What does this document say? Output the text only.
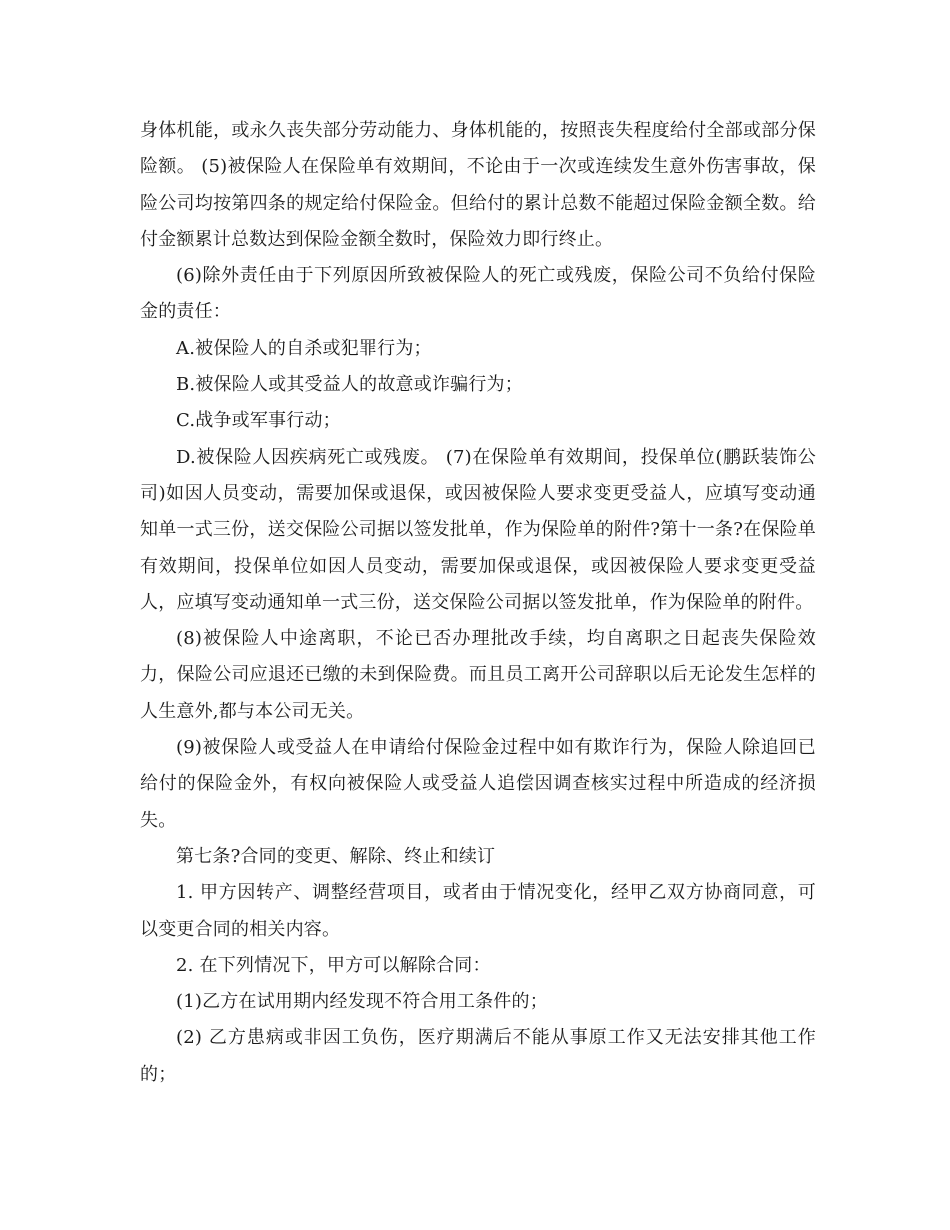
身体机能，或永久丧失部分劳动能力、身体机能的，按照丧失程度给付全部或部分保险额。 (5)被保险人在保险单有效期间，不论由于一次或连续发生意外伤害事故，保险公司均按第四条的规定给付保险金。但给付的累计总数不能超过保险金额全数。给付金额累计总数达到保险金额全数时，保险效力即行终止。

(6)除外责任由于下列原因所致被保险人的死亡或残废，保险公司不负给付保险金的责任：

A.被保险人的自杀或犯罪行为；

B.被保险人或其受益人的故意或诈骗行为；

C.战争或军事行动；

D.被保险人因疾病死亡或残废。 (7)在保险单有效期间，投保单位(鹏跃装饰公司)如因人员变动，需要加保或退保，或因被保险人要求变更受益人，应填写变动通知单一式三份，送交保险公司据以签发批单，作为保险单的附件?第十一条?在保险单有效期间，投保单位如因人员变动，需要加保或退保，或因被保险人要求变更受益人，应填写变动通知单一式三份，送交保险公司据以签发批单，作为保险单的附件。

(8)被保险人中途离职，不论已否办理批改手续，均自离职之日起丧失保险效力，保险公司应退还已缴的未到保险费。而且员工离开公司辞职以后无论发生怎样的人生意外,都与本公司无关。

(9)被保险人或受益人在申请给付保险金过程中如有欺诈行为，保险人除追回已给付的保险金外，有权向被保险人或受益人追偿因调查核实过程中所造成的经济损失。

第七条?合同的变更、解除、终止和续订

1. 甲方因转产、调整经营项目，或者由于情况变化，经甲乙双方协商同意，可以变更合同的相关内容。

2. 在下列情况下，甲方可以解除合同：

(1)乙方在试用期内经发现不符合用工条件的；

(2) 乙方患病或非因工负伤，医疗期满后不能从事原工作又无法安排其他工作的；
